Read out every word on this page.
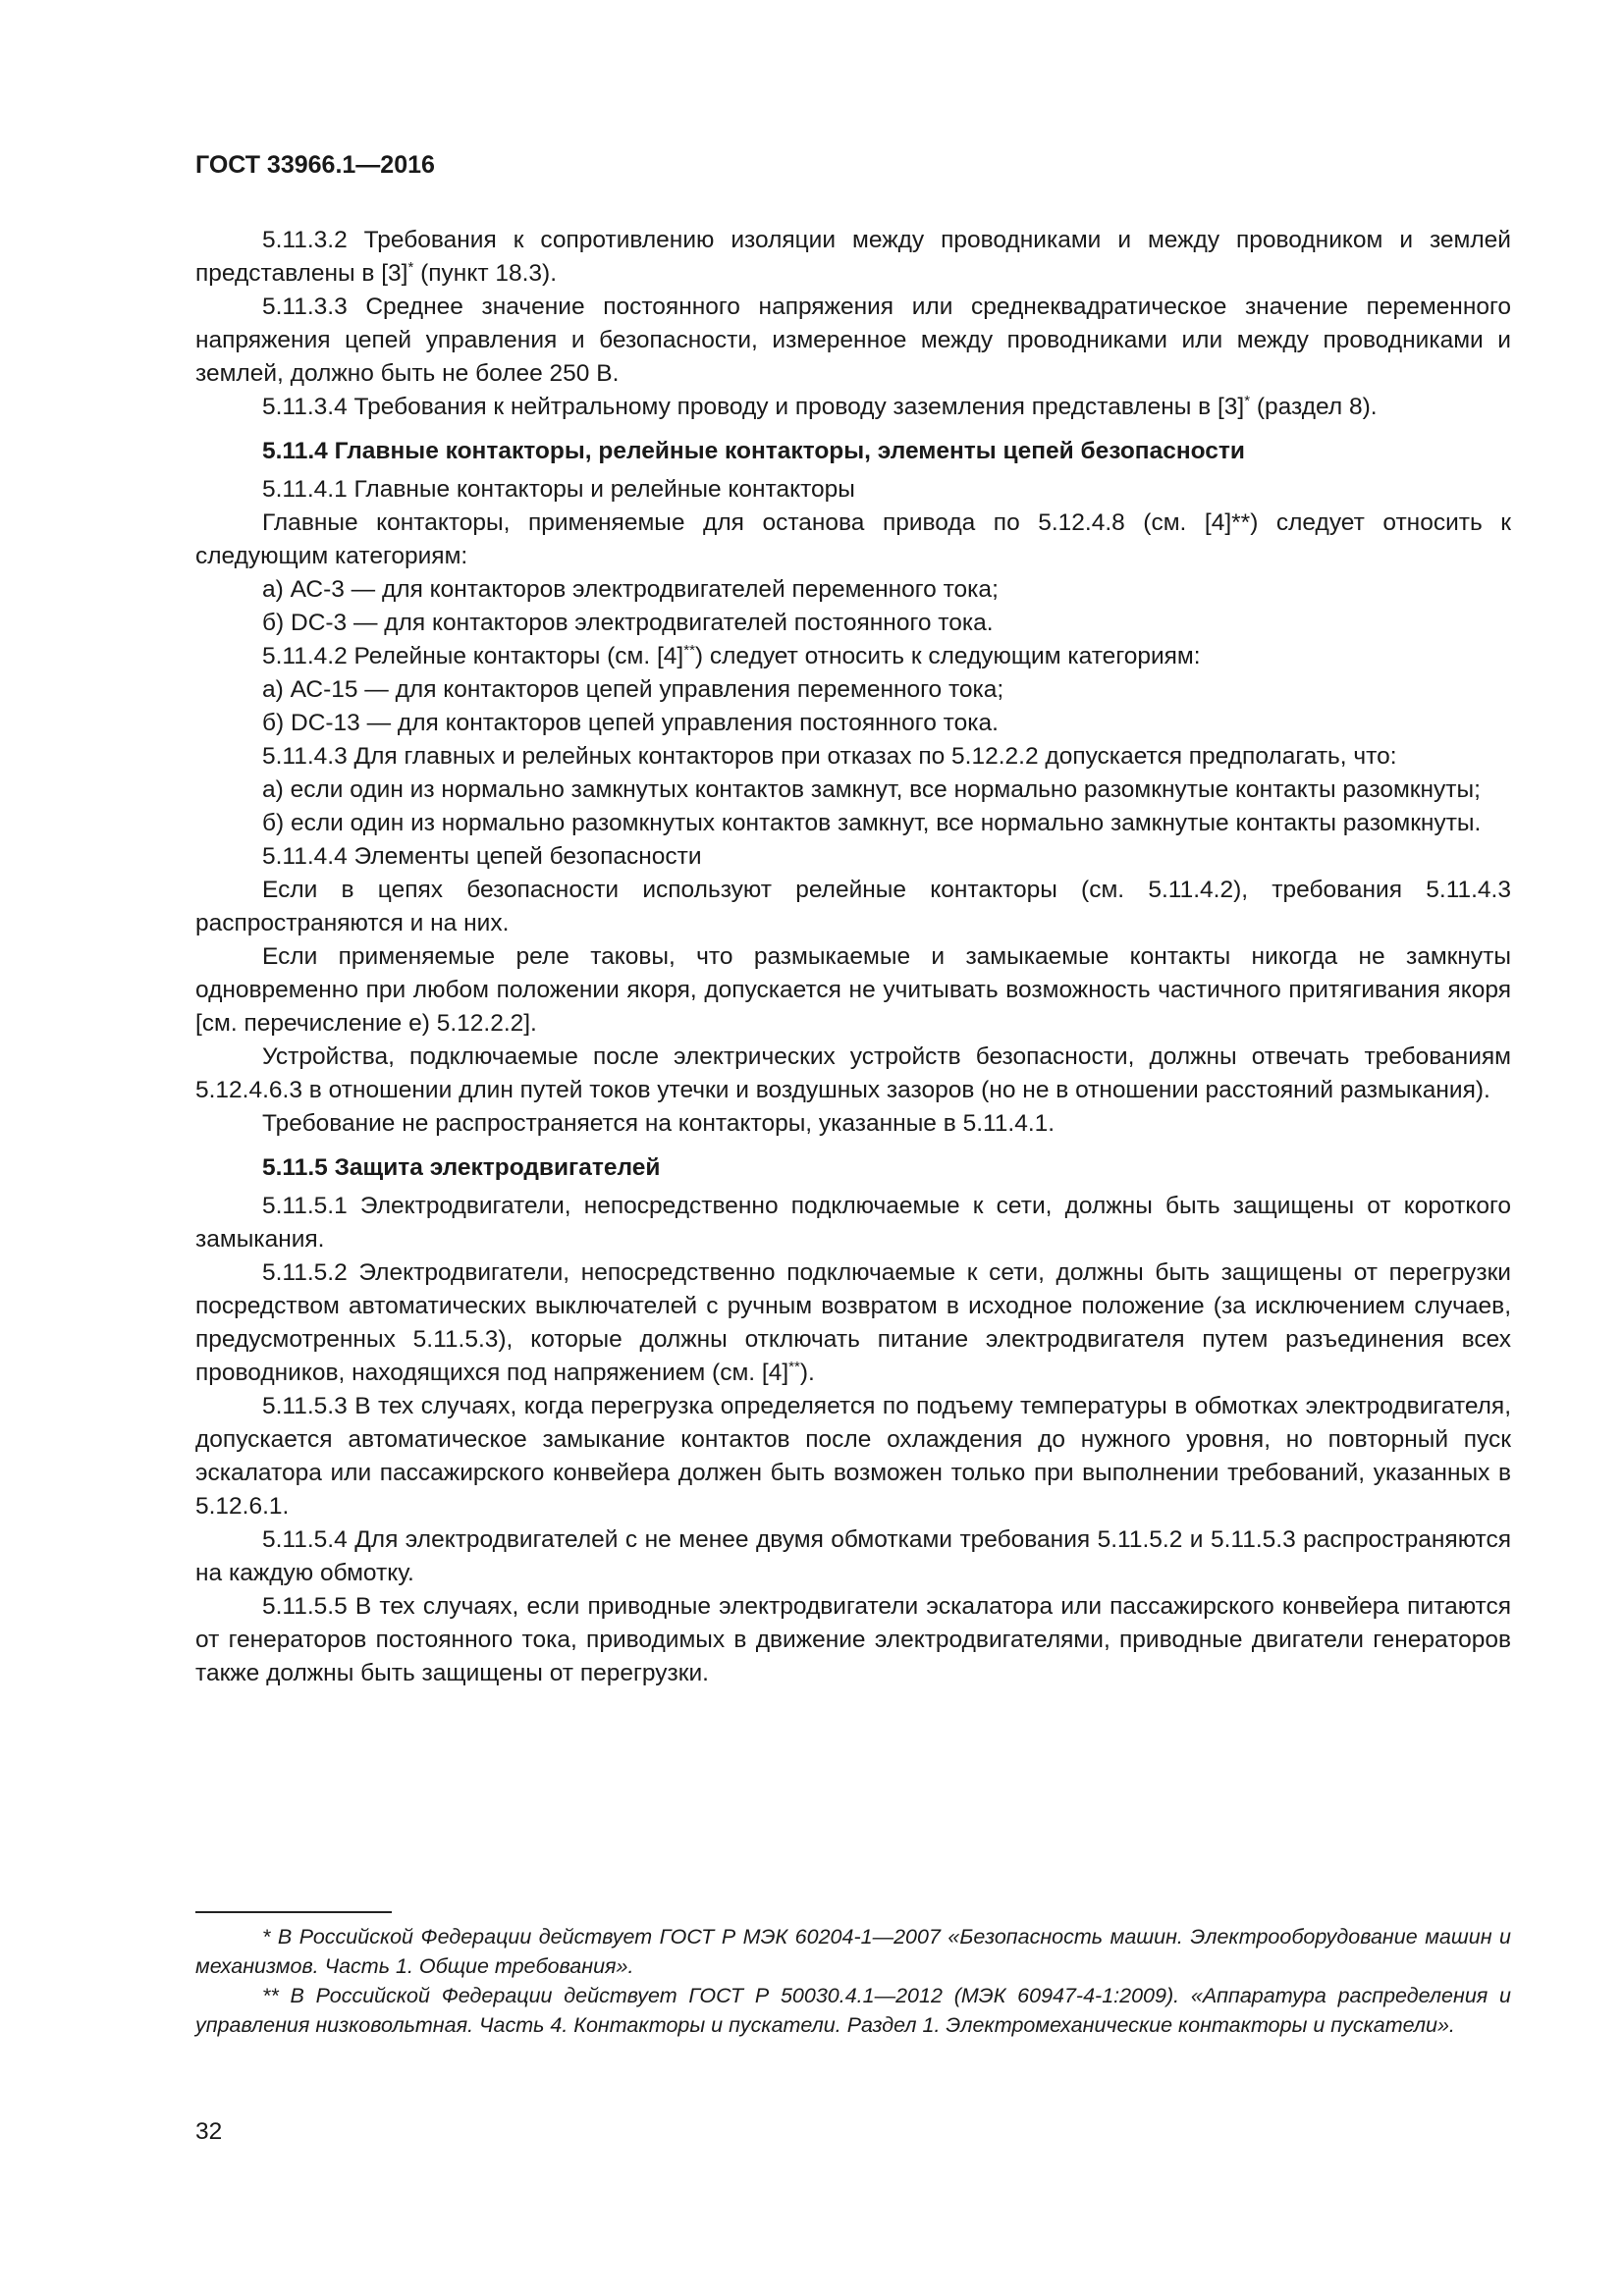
ГОСТ 33966.1—2016

5.11.3.2 Требования к сопротивлению изоляции между проводниками и между проводником и землей представлены в [3]* (пункт 18.3).

5.11.3.3 Среднее значение постоянного напряжения или среднеквадратическое значение переменного напряжения цепей управления и безопасности, измеренное между проводниками или между проводниками и землей, должно быть не более 250 В.

5.11.3.4 Требования к нейтральному проводу и проводу заземления представлены в [3]* (раздел 8).

5.11.4 Главные контакторы, релейные контакторы, элементы цепей безопасности

5.11.4.1 Главные контакторы и релейные контакторы

Главные контакторы, применяемые для останова привода по 5.12.4.8 (см. [4]**) следует относить к следующим категориям:

а) АС-3 — для контакторов электродвигателей переменного тока;

б) DC-3 — для контакторов электродвигателей постоянного тока.

5.11.4.2 Релейные контакторы (см. [4]**) следует относить к следующим категориям:

а) АС-15 — для контакторов цепей управления переменного тока;

б) DC-13 — для контакторов цепей управления постоянного тока.

5.11.4.3 Для главных и релейных контакторов при отказах по 5.12.2.2 допускается предполагать, что:

а) если один из нормально замкнутых контактов замкнут, все нормально разомкнутые контакты разомкнуты;

б) если один из нормально разомкнутых контактов замкнут, все нормально замкнутые контакты разомкнуты.

5.11.4.4 Элементы цепей безопасности

Если в цепях безопасности используют релейные контакторы (см. 5.11.4.2), требования 5.11.4.3 распространяются и на них.

Если применяемые реле таковы, что размыкаемые и замыкаемые контакты никогда не замкнуты одновременно при любом положении якоря, допускается не учитывать возможность частичного притягивания якоря [см. перечисление е) 5.12.2.2].

Устройства, подключаемые после электрических устройств безопасности, должны отвечать требованиям 5.12.4.6.3 в отношении длин путей токов утечки и воздушных зазоров (но не в отношении расстояний размыкания).

Требование не распространяется на контакторы, указанные в 5.11.4.1.

5.11.5 Защита электродвигателей

5.11.5.1 Электродвигатели, непосредственно подключаемые к сети, должны быть защищены от короткого замыкания.

5.11.5.2 Электродвигатели, непосредственно подключаемые к сети, должны быть защищены от перегрузки посредством автоматических выключателей с ручным возвратом в исходное положение (за исключением случаев, предусмотренных 5.11.5.3), которые должны отключать питание электродвигателя путем разъединения всех проводников, находящихся под напряжением (см. [4]**).

5.11.5.3 В тех случаях, когда перегрузка определяется по подъему температуры в обмотках электродвигателя, допускается автоматическое замыкание контактов после охлаждения до нужного уровня, но повторный пуск эскалатора или пассажирского конвейера должен быть возможен только при выполнении требований, указанных в 5.12.6.1.

5.11.5.4 Для электродвигателей с не менее двумя обмотками требования 5.11.5.2 и 5.11.5.3 распространяются на каждую обмотку.

5.11.5.5 В тех случаях, если приводные электродвигатели эскалатора или пассажирского конвейера питаются от генераторов постоянного тока, приводимых в движение электродвигателями, приводные двигатели генераторов также должны быть защищены от перегрузки.

* В Российской Федерации действует ГОСТ Р МЭК 60204-1—2007 «Безопасность машин. Электрооборудование машин и механизмов. Часть 1. Общие требования».

** В Российской Федерации действует ГОСТ Р 50030.4.1—2012 (МЭК 60947-4-1:2009). «Аппаратура распределения и управления низковольтная. Часть 4. Контакторы и пускатели. Раздел 1. Электромеханические контакторы и пускатели».

32
